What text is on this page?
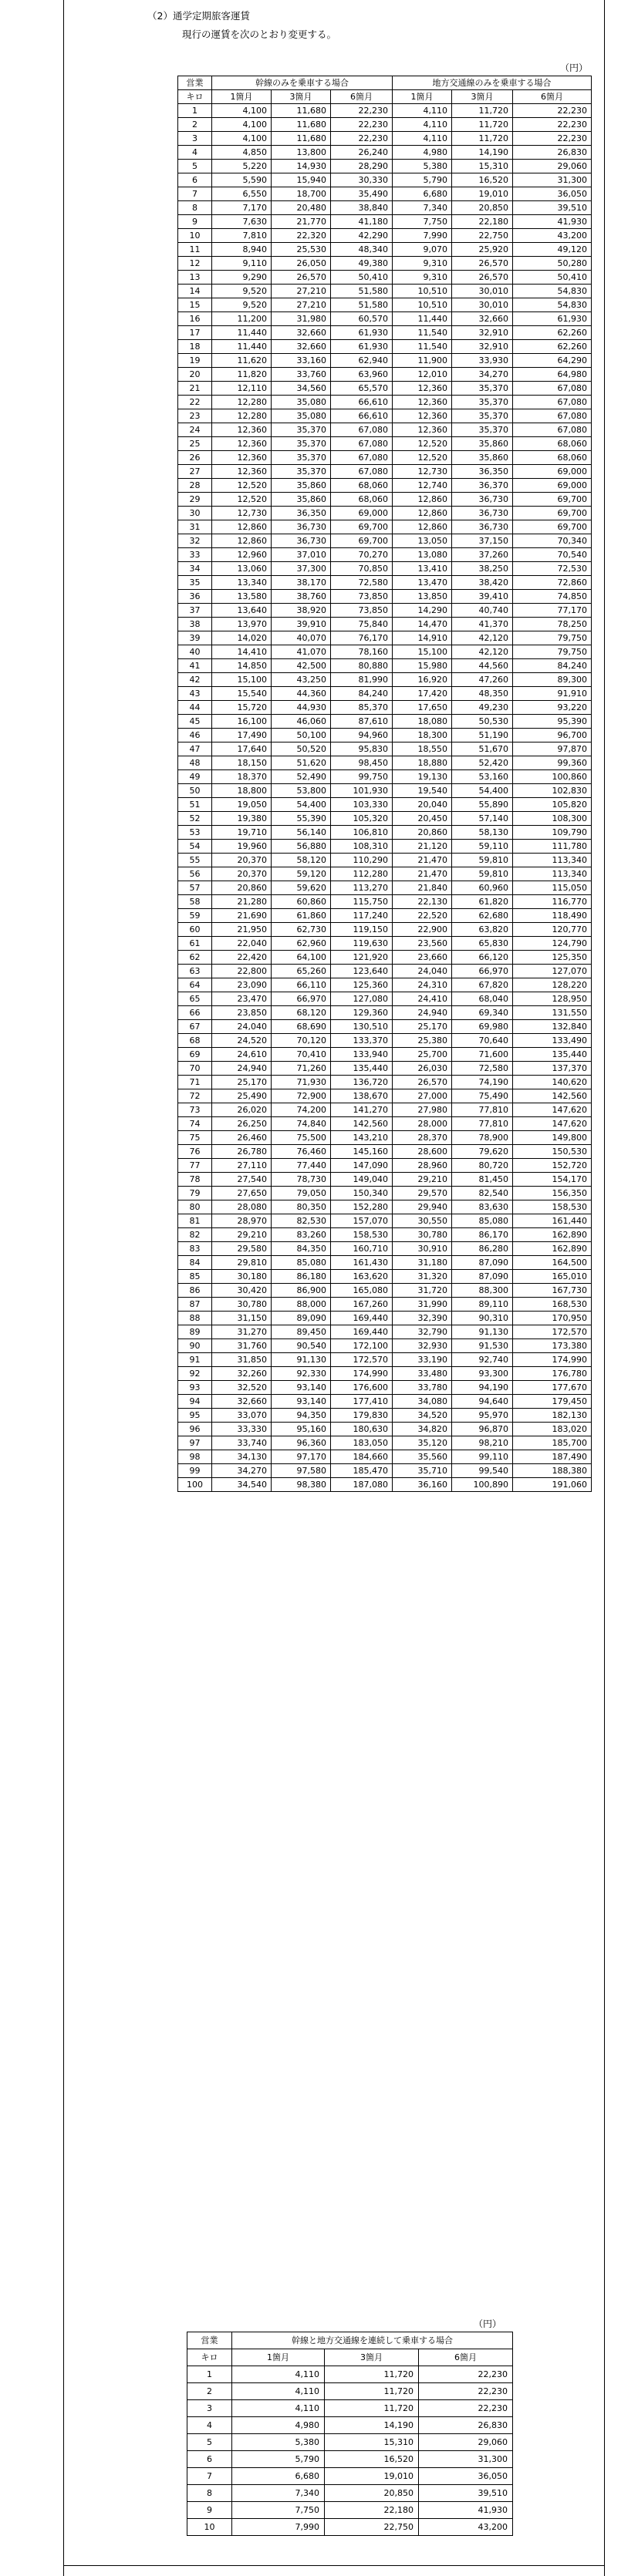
（2）通学定期旅客運賃
現行の運賃を次のとおり変更する。
（円）
営業	幹線のみを乗車する場合			地方交通線のみを乗車する場合		
キロ	1箇月	3箇月	6箇月	1箇月	3箇月	6箇月
1	4,100	11,680	22,230	4,110	11,720	22,230
2	4,100	11,680	22,230	4,110	11,720	22,230
3	4,100	11,680	22,230	4,110	11,720	22,230
4	4,850	13,800	26,240	4,980	14,190	26,830
5	5,220	14,930	28,290	5,380	15,310	29,060
6	5,590	15,940	30,330	5,790	16,520	31,300
7	6,550	18,700	35,490	6,680	19,010	36,050
8	7,170	20,480	38,840	7,340	20,850	39,510
9	7,630	21,770	41,180	7,750	22,180	41,930
10	7,810	22,320	42,290	7,990	22,750	43,200
11	8,940	25,530	48,340	9,070	25,920	49,120
12	9,110	26,050	49,380	9,310	26,570	50,280
13	9,290	26,570	50,410	9,310	26,570	50,410
14	9,520	27,210	51,580	10,510	30,010	54,830
15	9,520	27,210	51,580	10,510	30,010	54,830
16	11,200	31,980	60,570	11,440	32,660	61,930
17	11,440	32,660	61,930	11,540	32,910	62,260
18	11,440	32,660	61,930	11,540	32,910	62,260
19	11,620	33,160	62,940	11,900	33,930	64,290
20	11,820	33,760	63,960	12,010	34,270	64,980
21	12,110	34,560	65,570	12,360	35,370	67,080
22	12,280	35,080	66,610	12,360	35,370	67,080
23	12,280	35,080	66,610	12,360	35,370	67,080
24	12,360	35,370	67,080	12,360	35,370	67,080
25	12,360	35,370	67,080	12,520	35,860	68,060
26	12,360	35,370	67,080	12,520	35,860	68,060
27	12,360	35,370	67,080	12,730	36,350	69,000
28	12,520	35,860	68,060	12,740	36,370	69,000
29	12,520	35,860	68,060	12,860	36,730	69,700
30	12,730	36,350	69,000	12,860	36,730	69,700
31	12,860	36,730	69,700	12,860	36,730	69,700
32	12,860	36,730	69,700	13,050	37,150	70,340
33	12,960	37,010	70,270	13,080	37,260	70,540
34	13,060	37,300	70,850	13,410	38,250	72,530
35	13,340	38,170	72,580	13,470	38,420	72,860
36	13,580	38,760	73,850	13,850	39,410	74,850
37	13,640	38,920	73,850	14,290	40,740	77,170
38	13,970	39,910	75,840	14,470	41,370	78,250
39	14,020	40,070	76,170	14,910	42,120	79,750
40	14,410	41,070	78,160	15,100	42,120	79,750
41	14,850	42,500	80,880	15,980	44,560	84,240
42	15,100	43,250	81,990	16,920	47,260	89,300
43	15,540	44,360	84,240	17,420	48,350	91,910
44	15,720	44,930	85,370	17,650	49,230	93,220
45	16,100	46,060	87,610	18,080	50,530	95,390
46	17,490	50,100	94,960	18,300	51,190	96,700
47	17,640	50,520	95,830	18,550	51,670	97,870
48	18,150	51,620	98,450	18,880	52,420	99,360
49	18,370	52,490	99,750	19,130	53,160	100,860
50	18,800	53,800	101,930	19,540	54,400	102,830
51	19,050	54,400	103,330	20,040	55,890	105,820
52	19,380	55,390	105,320	20,450	57,140	108,300
53	19,710	56,140	106,810	20,860	58,130	109,790
54	19,960	56,880	108,310	21,120	59,110	111,780
55	20,370	58,120	110,290	21,470	59,810	113,340
56	20,370	59,120	112,280	21,470	59,810	113,340
57	20,860	59,620	113,270	21,840	60,960	115,050
58	21,280	60,860	115,750	22,130	61,820	116,770
59	21,690	61,860	117,240	22,520	62,680	118,490
60	21,950	62,730	119,150	22,900	63,820	120,770
61	22,040	62,960	119,630	23,560	65,830	124,790
62	22,420	64,100	121,920	23,660	66,120	125,350
63	22,800	65,260	123,640	24,040	66,970	127,070
64	23,090	66,110	125,360	24,310	67,820	128,220
65	23,470	66,970	127,080	24,410	68,040	128,950
66	23,850	68,120	129,360	24,940	69,340	131,550
67	24,040	68,690	130,510	25,170	69,980	132,840
68	24,520	70,120	133,370	25,380	70,640	133,490
69	24,610	70,410	133,940	25,700	71,600	135,440
70	24,940	71,260	135,440	26,030	72,580	137,370
71	25,170	71,930	136,720	26,570	74,190	140,620
72	25,490	72,900	138,670	27,000	75,490	142,560
73	26,020	74,200	141,270	27,980	77,810	147,620
74	26,250	74,840	142,560	28,000	77,810	147,620
75	26,460	75,500	143,210	28,370	78,900	149,800
76	26,780	76,460	145,160	28,600	79,620	150,530
77	27,110	77,440	147,090	28,960	80,720	152,720
78	27,540	78,730	149,040	29,210	81,450	154,170
79	27,650	79,050	150,340	29,570	82,540	156,350
80	28,080	80,350	152,280	29,940	83,630	158,530
81	28,970	82,530	157,070	30,550	85,080	161,440
82	29,210	83,260	158,530	30,780	86,170	162,890
83	29,580	84,350	160,710	30,910	86,280	162,890
84	29,810	85,080	161,430	31,180	87,090	164,500
85	30,180	86,180	163,620	31,320	87,090	165,010
86	30,420	86,900	165,080	31,720	88,300	167,730
87	30,780	88,000	167,260	31,990	89,110	168,530
88	31,150	89,090	169,440	32,390	90,310	170,950
89	31,270	89,450	169,440	32,790	91,130	172,570
90	31,760	90,540	172,100	32,930	91,530	173,380
91	31,850	91,130	172,570	33,190	92,740	174,990
92	32,260	92,330	174,990	33,480	93,300	176,780
93	32,520	93,140	176,600	33,780	94,190	177,670
94	32,660	93,140	177,410	34,080	94,640	179,450
95	33,070	94,350	179,830	34,520	95,970	182,130
96	33,330	95,160	180,630	34,820	96,870	183,020
97	33,740	96,360	183,050	35,120	98,210	185,700
98	34,130	97,170	184,660	35,560	99,110	187,490
99	34,270	97,580	185,470	35,710	99,540	188,380
100	34,540	98,380	187,080	36,160	100,890	191,060
（円）
営業	幹線と地方交通線を連続して乗車する場合		
キロ	1箇月	3箇月	6箇月
1	4,110	11,720	22,230
2	4,110	11,720	22,230
3	4,110	11,720	22,230
4	4,980	14,190	26,830
5	5,380	15,310	29,060
6	5,790	16,520	31,300
7	6,680	19,010	36,050
8	7,340	20,850	39,510
9	7,750	22,180	41,930
10	7,990	22,750	43,200
